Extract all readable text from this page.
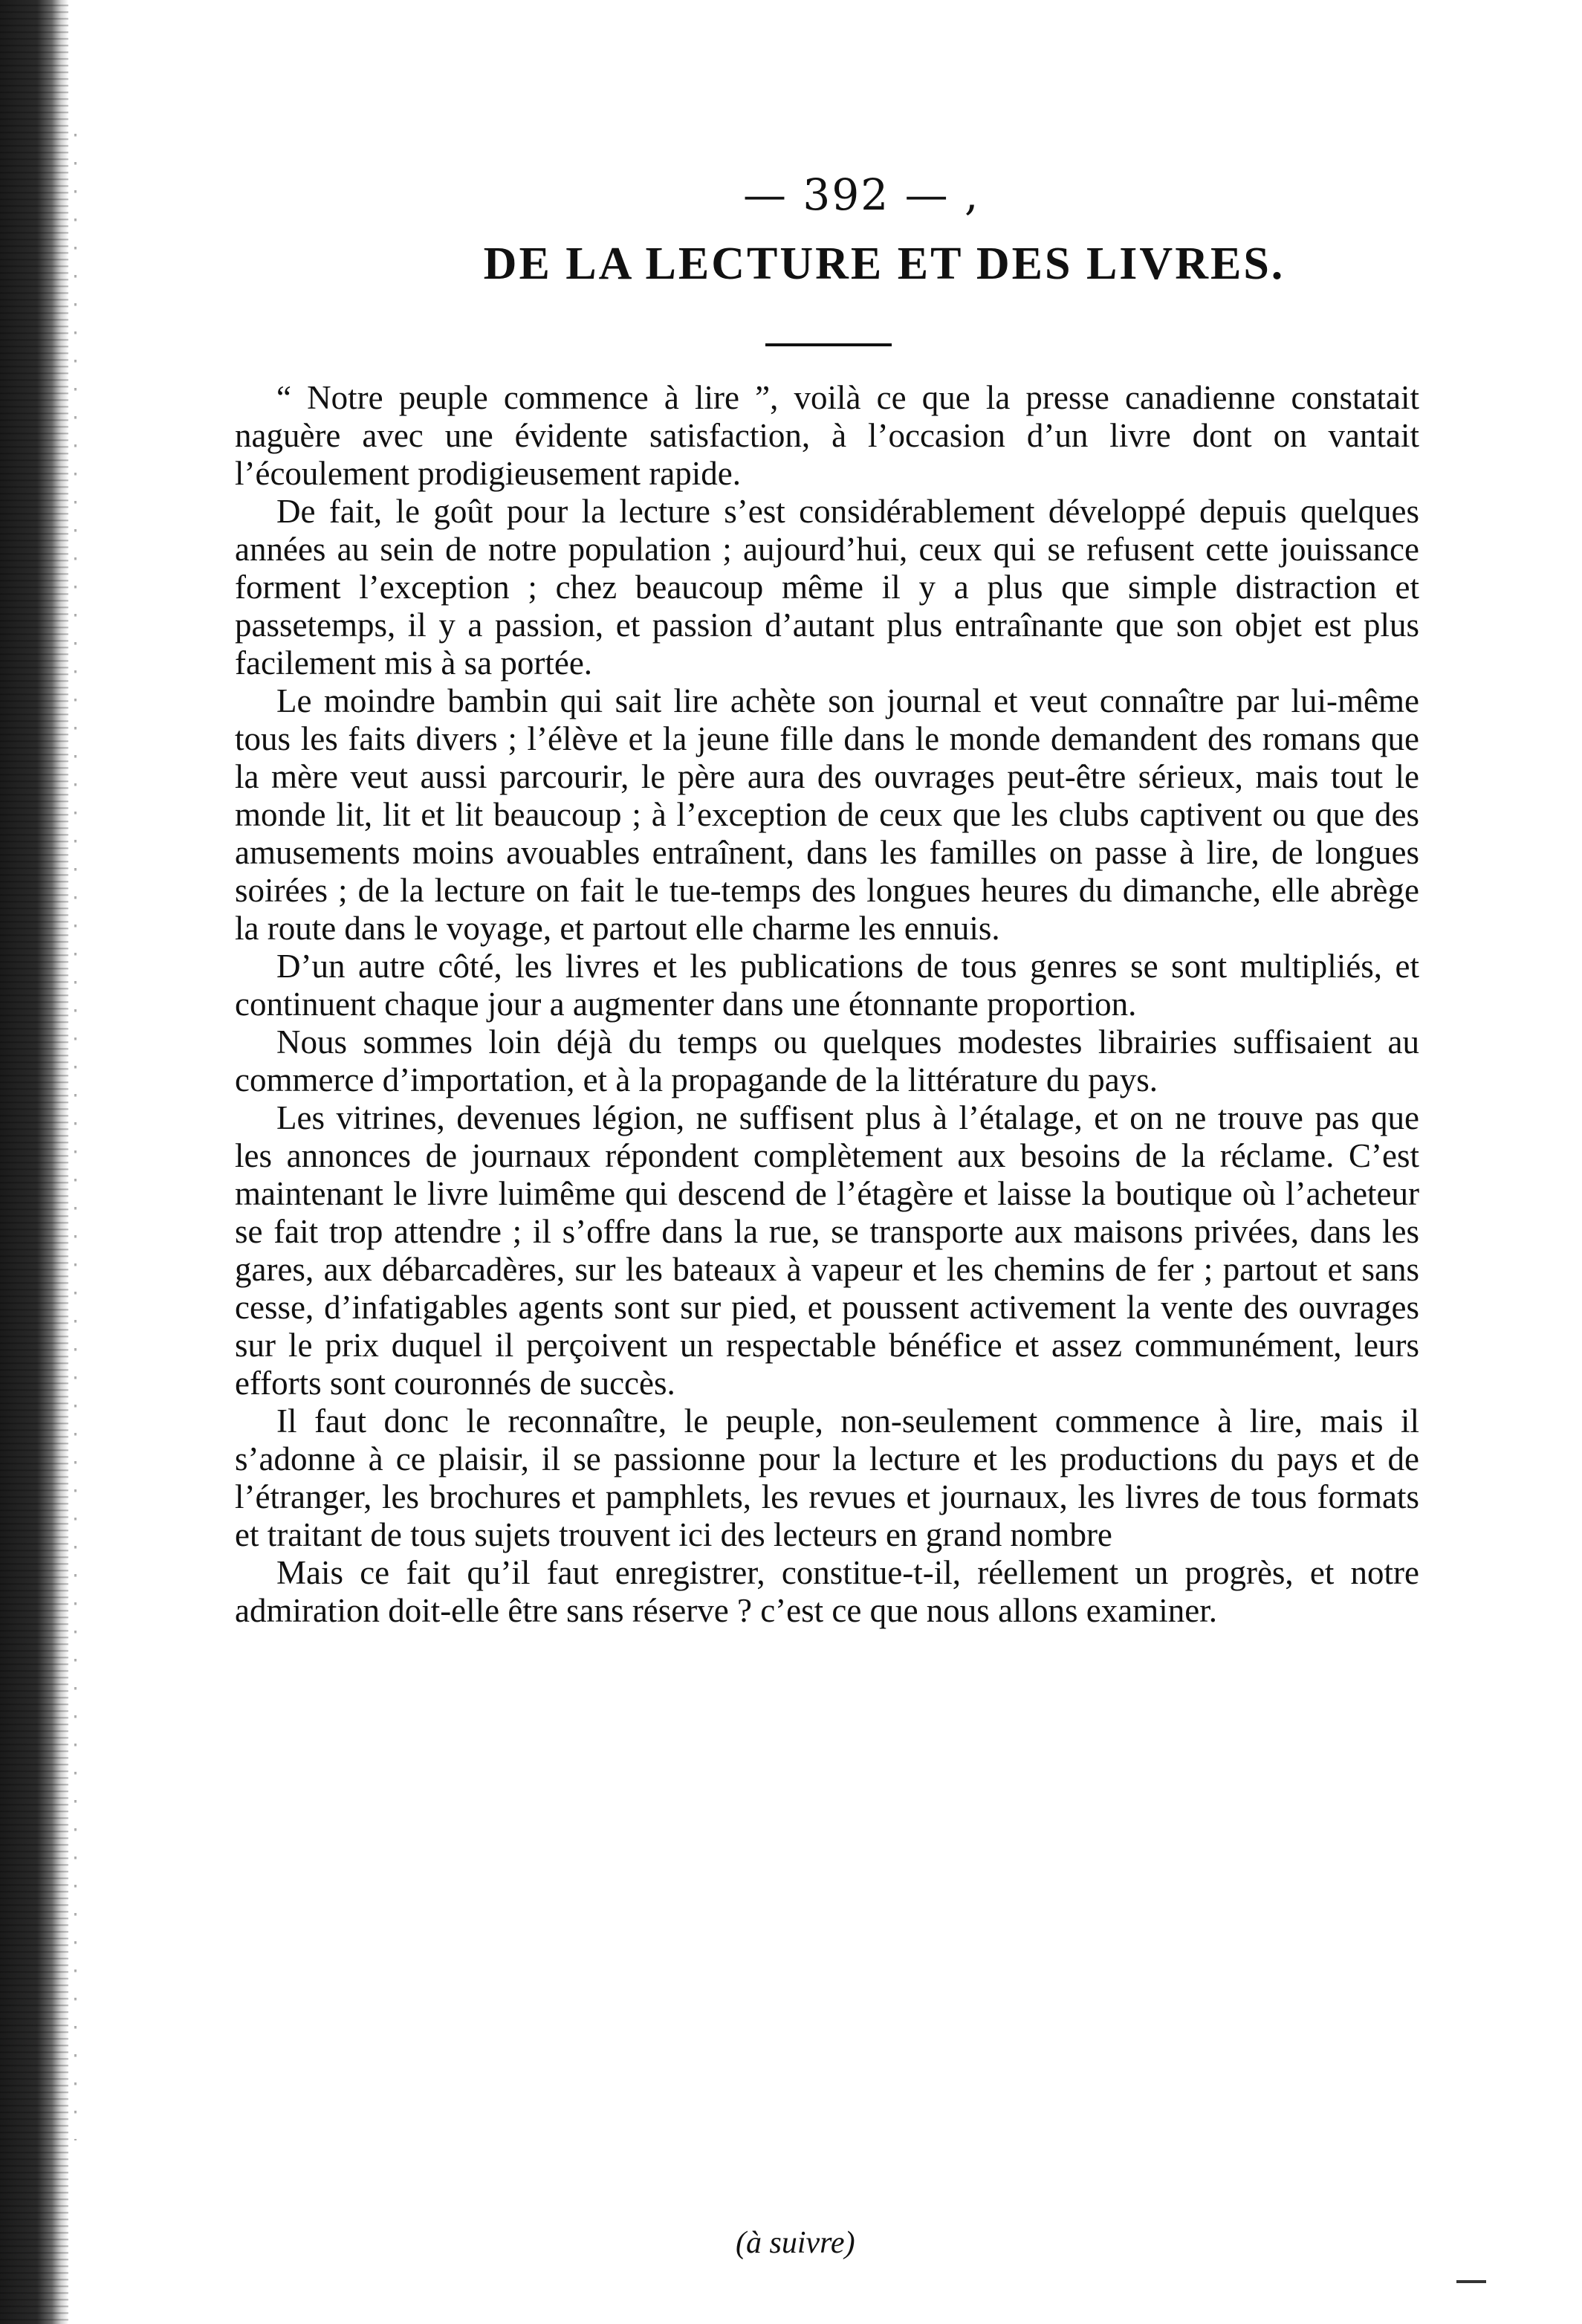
— 392 — ,
DE LA LECTURE ET DES LIVRES.

“ Notre peuple commence à lire ”, voilà ce que la presse canadienne constatait naguère avec une évidente satisfaction, à l’occasion d’un livre dont on vantait l’écoulement prodigieusement rapide.

De fait, le goût pour la lecture s’est considérablement développé depuis quelques années au sein de notre population ; aujourd’hui, ceux qui se refusent cette jouissance forment l’exception ; chez beaucoup même il y a plus que simple distraction et passetemps, il y a passion, et passion d’autant plus entraînante que son objet est plus facilement mis à sa portée.

Le moindre bambin qui sait lire achète son journal et veut connaître par lui-même tous les faits divers ; l’élève et la jeune fille dans le monde demandent des romans que la mère veut aussi parcourir, le père aura des ouvrages peut-être sérieux, mais tout le monde lit, lit et lit beaucoup ; à l’exception de ceux que les clubs captivent ou que des amusements moins avouables entraînent, dans les familles on passe à lire, de longues soirées ; de la lecture on fait le tue-temps des longues heures du dimanche, elle abrège la route dans le voyage, et partout elle charme les ennuis.

D’un autre côté, les livres et les publications de tous genres se sont multipliés, et continuent chaque jour a augmenter dans une étonnante proportion.

Nous sommes loin déjà du temps ou quelques modestes librairies suffisaient au commerce d’importation, et à la propagande de la littérature du pays.

Les vitrines, devenues légion, ne suffisent plus à l’étalage, et on ne trouve pas que les annonces de journaux répondent complètement aux besoins de la réclame. C’est maintenant le livre luimême qui descend de l’étagère et laisse la boutique où l’acheteur se fait trop attendre ; il s’offre dans la rue, se transporte aux maisons privées, dans les gares, aux débarcadères, sur les bateaux à vapeur et les chemins de fer ; partout et sans cesse, d’infatigables agents sont sur pied, et poussent activement la vente des ouvrages sur le prix duquel il perçoivent un respectable bénéfice et assez communément, leurs efforts sont couronnés de succès.

Il faut donc le reconnaître, le peuple, non-seulement commence à lire, mais il s’adonne à ce plaisir, il se passionne pour la lecture et les productions du pays et de l’étranger, les brochures et pamphlets, les revues et journaux, les livres de tous formats et traitant de tous sujets trouvent ici des lecteurs en grand nombre

Mais ce fait qu’il faut enregistrer, constitue-t-il, réellement un progrès, et notre admiration doit-elle être sans réserve ? c’est ce que nous allons examiner.

(à suivre)
